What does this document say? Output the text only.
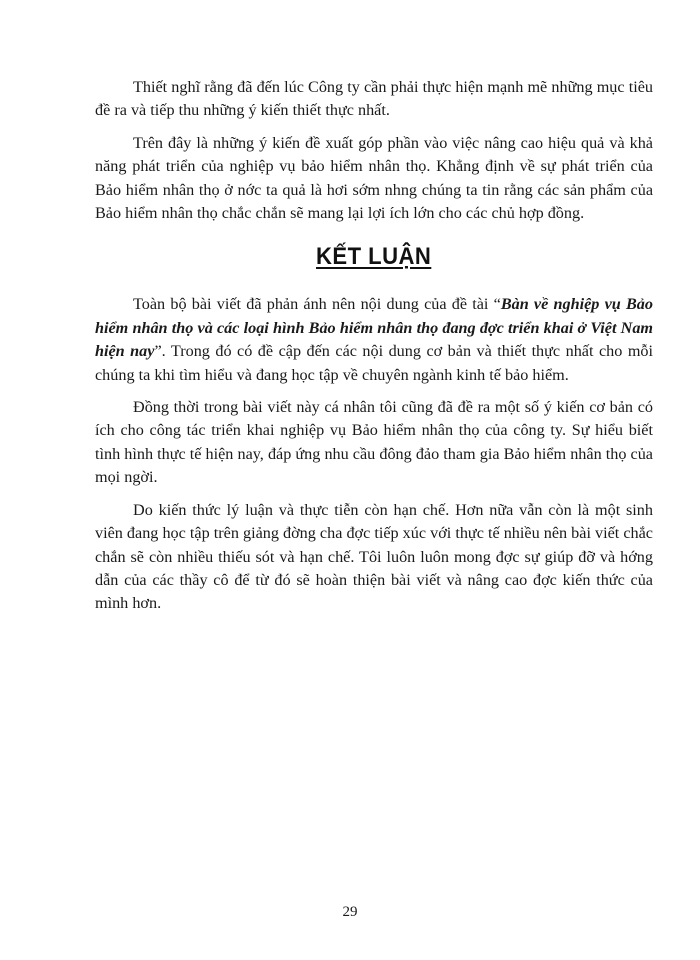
Thiết nghĩ rằng đã đến lúc Công ty cần phải thực hiện mạnh mẽ những mục tiêu đề ra và tiếp thu những ý kiến thiết thực nhất.

Trên đây là những ý kiến đề xuất góp phần vào việc nâng cao hiệu quả và khả năng phát triển của nghiệp vụ bảo hiểm nhân thọ. Khẳng định về sự phát triển của Bảo hiểm nhân thọ ở nớc ta quả là hơi sớm nhng chúng ta tin rằng các sản phẩm của Bảo hiểm nhân thọ chắc chắn sẽ mang lại lợi ích lớn cho các chủ hợp đồng.

KẾT LUẬN

Toàn bộ bài viết đã phản ánh nên nội dung của đề tài “Bàn về nghiệp vụ Bảo hiểm nhân thọ và các loại hình Bảo hiểm nhân thọ đang đợc triển khai ở Việt Nam hiện nay”. Trong đó có đề cập đến các nội dung cơ bản và thiết thực nhất cho mỗi chúng ta khi tìm hiểu và đang học tập về chuyên ngành kinh tế bảo hiểm.

Đồng thời trong bài viết này cá nhân tôi cũng đã đề ra một số ý kiến cơ bản có ích cho công tác triển khai nghiệp vụ Bảo hiểm nhân thọ của công ty. Sự hiểu biết tình hình thực tế hiện nay, đáp ứng nhu cầu đông đảo tham gia Bảo hiểm nhân thọ của mọi ngời.

Do kiến thức lý luận và thực tiễn còn hạn chế. Hơn nữa vẫn còn là một sinh viên đang học tập trên giảng đờng cha đợc tiếp xúc với thực tế nhiều nên bài viết chắc chắn sẽ còn nhiều thiếu sót và hạn chế. Tôi luôn luôn mong đợc sự giúp đỡ và hớng dẫn của các thầy cô để từ đó sẽ hoàn thiện bài viết và nâng cao đợc kiến thức của mình hơn.

29
